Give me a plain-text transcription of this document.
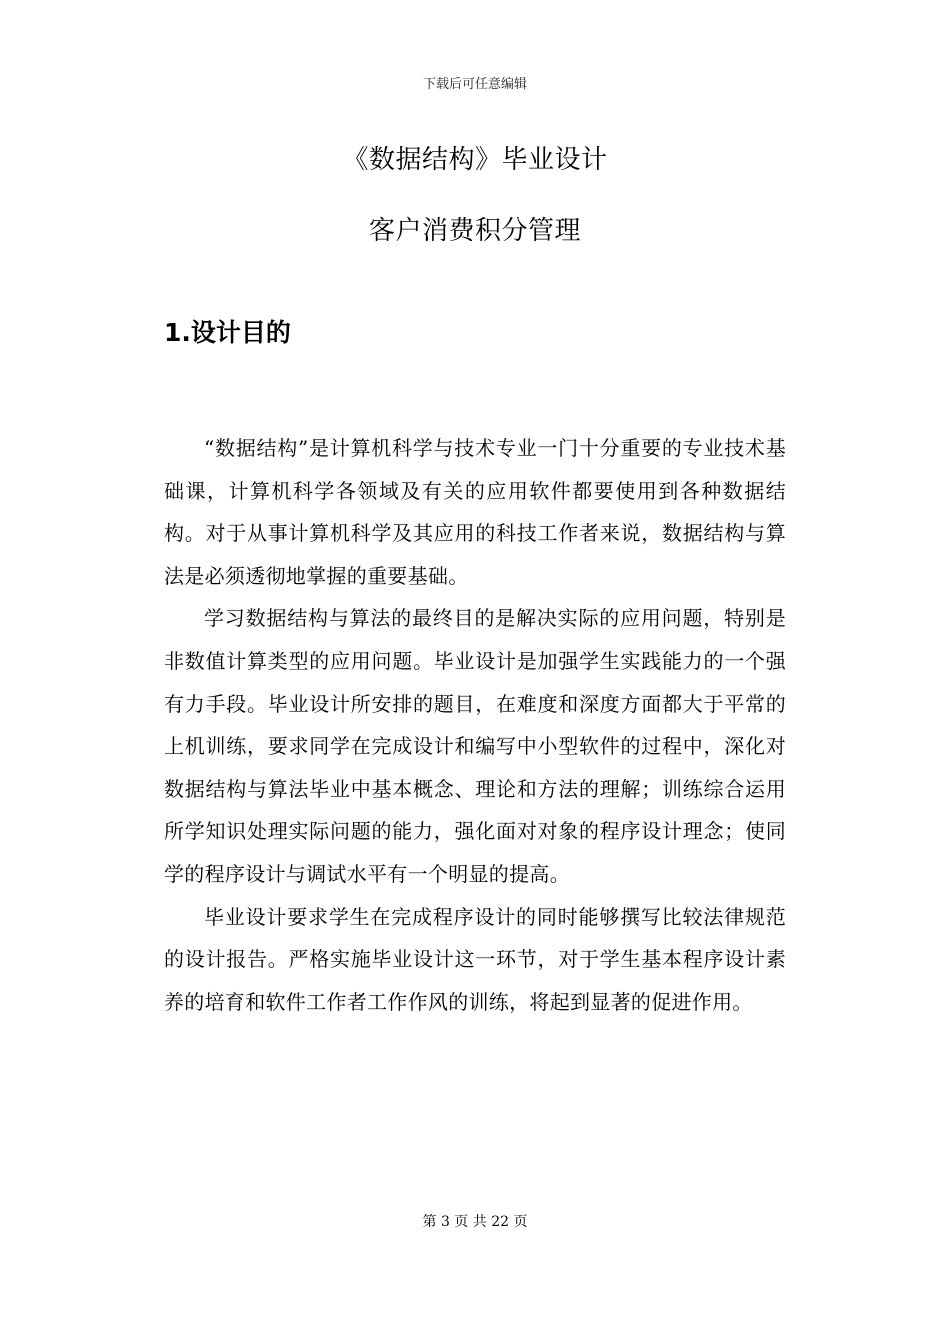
下载后可任意编辑
《数据结构》毕业设计
客户消费积分管理
1.设计目的

“数据结构”是计算机科学与技术专业一门十分重要的专业技术基础课，计算机科学各领域及有关的应用软件都要使用到各种数据结构。对于从事计算机科学及其应用的科技工作者来说，数据结构与算法是必须透彻地掌握的重要基础。

学习数据结构与算法的最终目的是解决实际的应用问题，特别是非数值计算类型的应用问题。毕业设计是加强学生实践能力的一个强有力手段。毕业设计所安排的题目，在难度和深度方面都大于平常的上机训练，要求同学在完成设计和编写中小型软件的过程中，深化对数据结构与算法毕业中基本概念、理论和方法的理解；训练综合运用所学知识处理实际问题的能力，强化面对对象的程序设计理念；使同学的程序设计与调试水平有一个明显的提高。

毕业设计要求学生在完成程序设计的同时能够撰写比较法律规范的设计报告。严格实施毕业设计这一环节，对于学生基本程序设计素养的培育和软件工作者工作作风的训练，将起到显著的促进作用。

第 3 页 共 22 页
